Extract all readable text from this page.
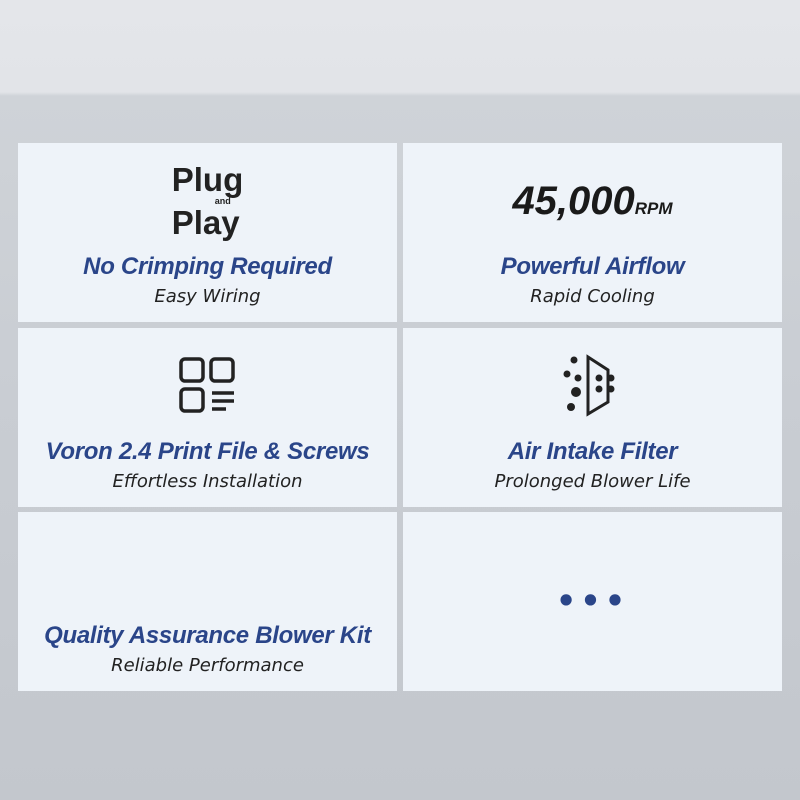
Plug
and
Play
No Crimping Required
Easy Wiring
45,000RPM
Powerful Airflow
Rapid Cooling
Voron 2.4 Print File & Screws
Effortless Installation
Air Intake Filter
Prolonged Blower Life
Quality Assurance Blower Kit
Reliable Performance
•••
